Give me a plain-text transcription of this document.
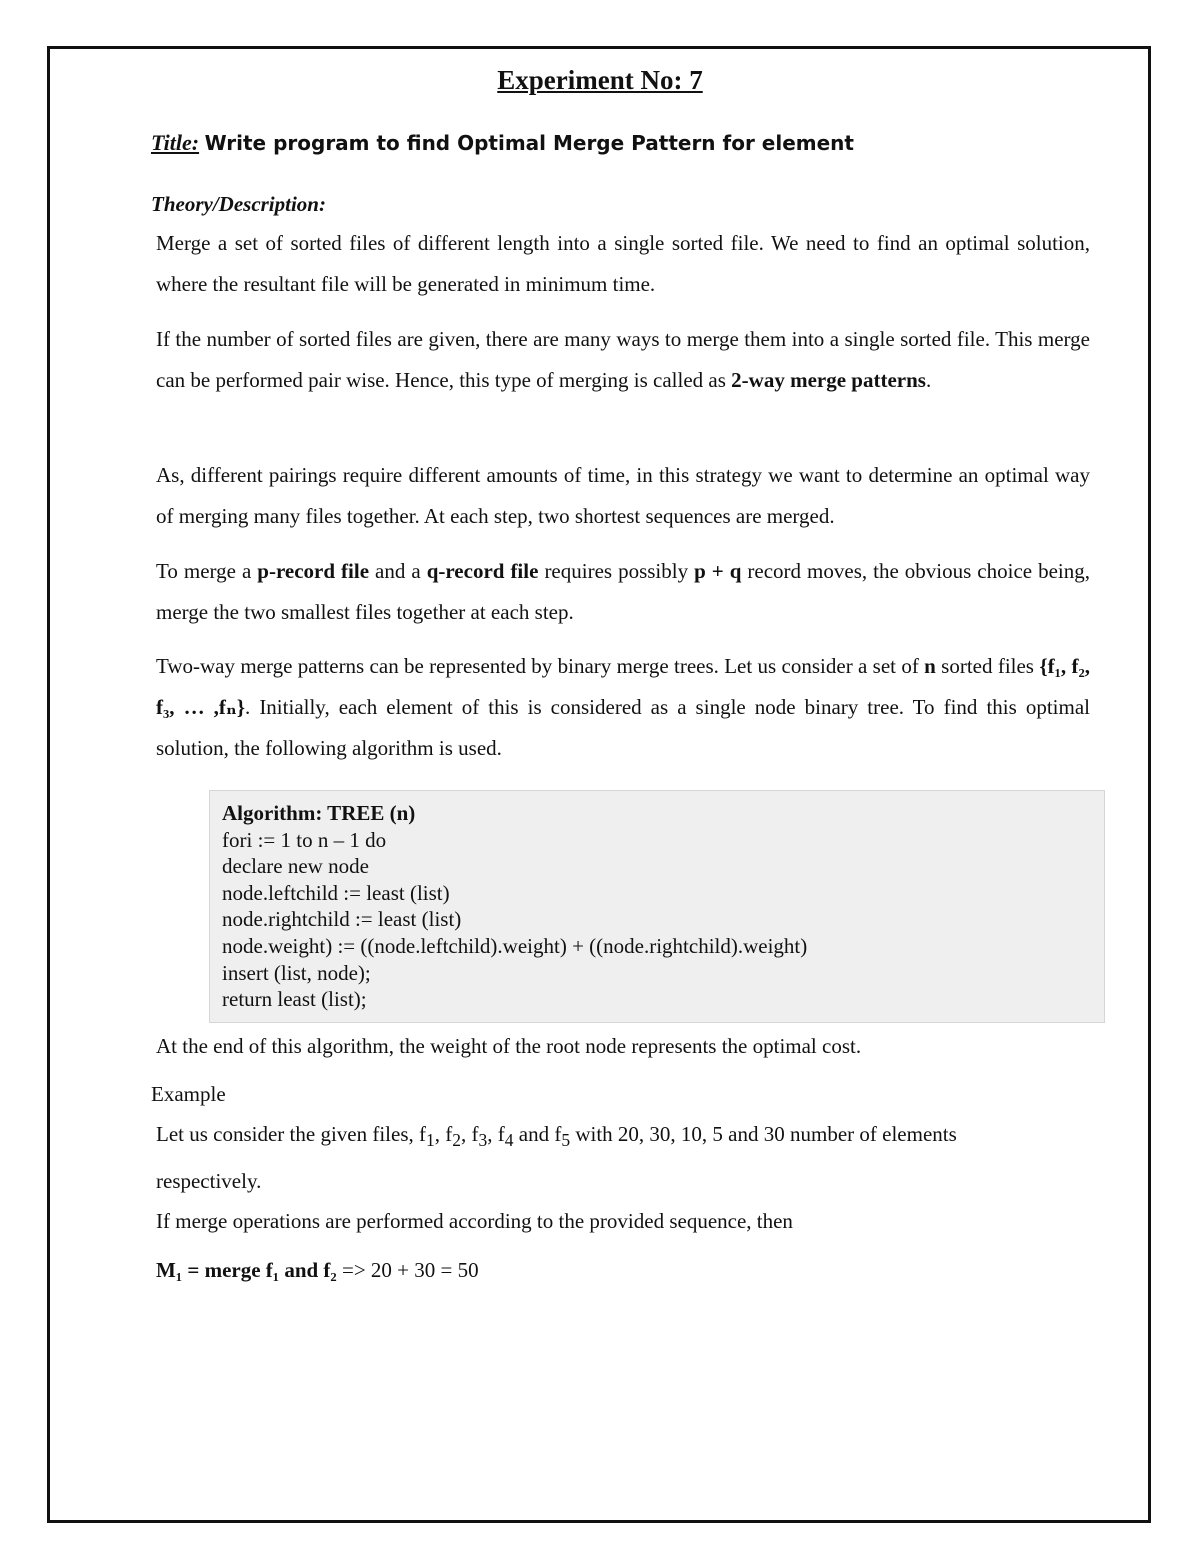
Experiment No: 7
Title: Write program to find Optimal Merge Pattern for element
Theory/Description:

Merge a set of sorted files of different length into a single sorted file. We need to find an optimal solution, where the resultant file will be generated in minimum time.

If the number of sorted files are given, there are many ways to merge them into a single sorted file. This merge can be performed pair wise. Hence, this type of merging is called as 2-way merge patterns.

As, different pairings require different amounts of time, in this strategy we want to determine an optimal way of merging many files together. At each step, two shortest sequences are merged.

To merge a p-record file and a q-record file requires possibly p + q record moves, the obvious choice being, merge the two smallest files together at each step.

Two-way merge patterns can be represented by binary merge trees. Let us consider a set of n sorted files {f₁, f₂, f₃, … ,fₙ}. Initially, each element of this is considered as a single node binary tree. To find this optimal solution, the following algorithm is used.

Algorithm: TREE (n)
fori := 1 to n – 1 do
declare new node
node.leftchild := least (list)
node.rightchild := least (list)
node.weight) := ((node.leftchild).weight) + ((node.rightchild).weight)
insert (list, node);
return least (list);
At the end of this algorithm, the weight of the root node represents the optimal cost.
Example

Let us consider the given files, $f_1$, $f_2$, $f_3$, $f_4$ and $f_5$ with 20, 30, 10, 5 and 30 number of elements respectively.

If merge operations are performed according to the provided sequence, then
M₁ = merge f₁ and f₂ => 20 + 30 = 50
